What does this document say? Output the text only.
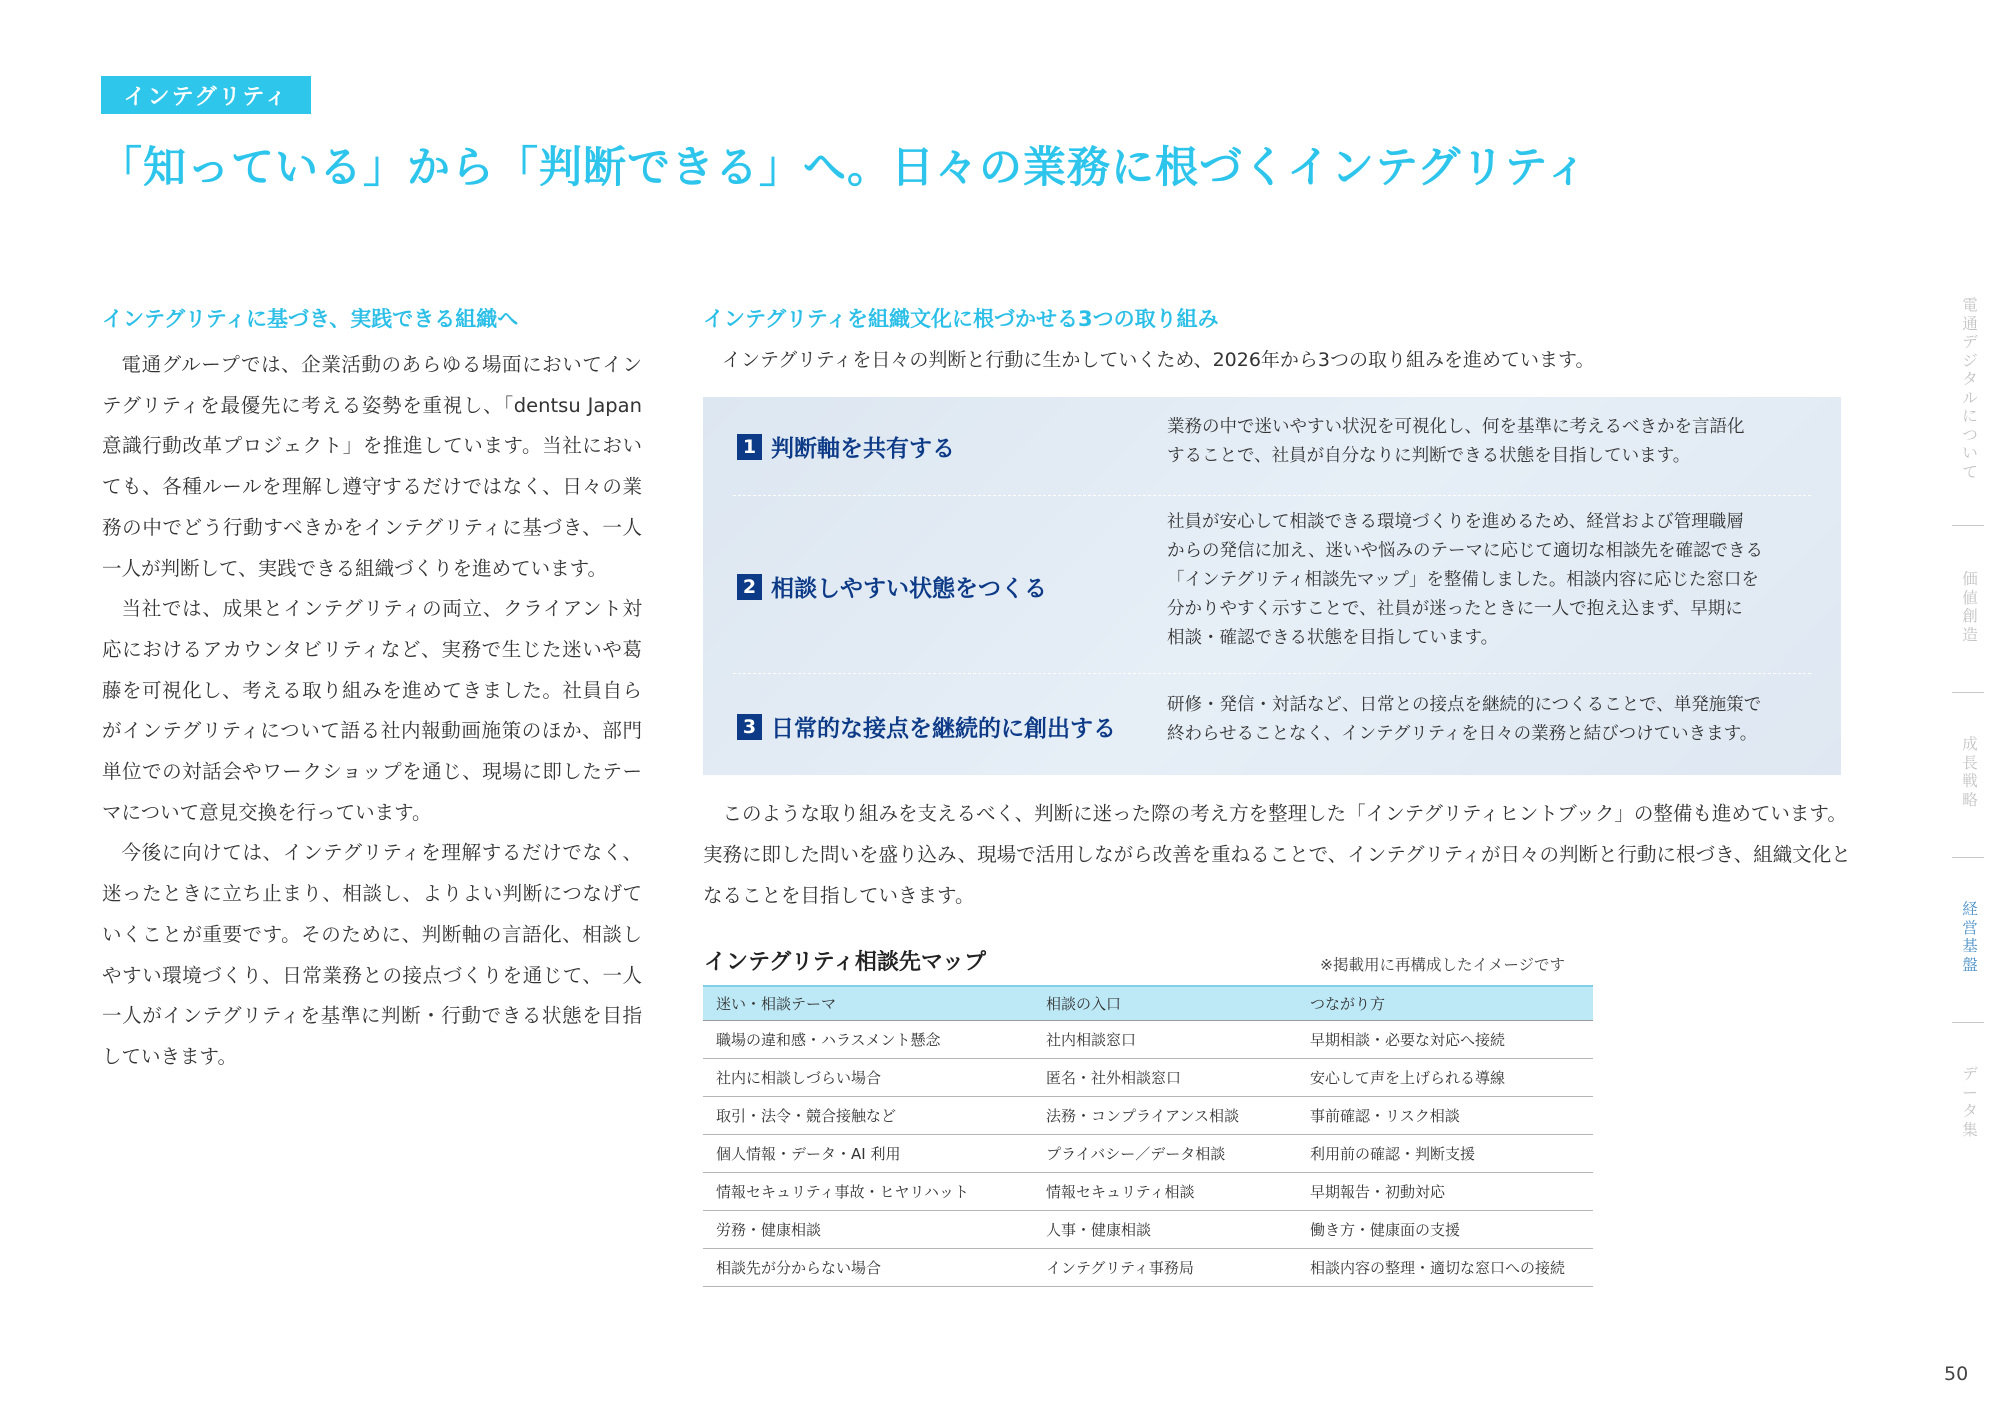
インテグリティ
「知っている」から「判断できる」へ。日々の業務に根づくインテグリティ
インテグリティに基づき、実践できる組織へ

電通グループでは、企業活動のあらゆる場面においてインテグリティを最優先に考える姿勢を重視し、「dentsu Japan意識行動改革プロジェクト」を推進しています。当社においても、各種ルールを理解し遵守するだけではなく、日々の業務の中でどう行動すべきかをインテグリティに基づき、一人一人が判断して、実践できる組織づくりを進めています。

当社では、成果とインテグリティの両立、クライアント対応におけるアカウンタビリティなど、実務で生じた迷いや葛藤を可視化し、考える取り組みを進めてきました。社員自らがインテグリティについて語る社内報動画施策のほか、部門単位での対話会やワークショップを通じ、現場に即したテーマについて意見交換を行っています。

今後に向けては、インテグリティを理解するだけでなく、迷ったときに立ち止まり、相談し、よりよい判断につなげていくことが重要です。そのために、判断軸の言語化、相談しやすい環境づくり、日常業務との接点づくりを通じて、一人一人がインテグリティを基準に判断・行動できる状態を目指していきます。

インテグリティを組織文化に根づかせる3つの取り組み

インテグリティを日々の判断と行動に生かしていくため、2026年から3つの取り組みを進めています。

1 判断軸を共有する
業務の中で迷いやすい状況を可視化し、何を基準に考えるべきかを言語化
することで、社員が自分なりに判断できる状態を目指しています。
2 相談しやすい状態をつくる
社員が安心して相談できる環境づくりを進めるため、経営および管理職層
からの発信に加え、迷いや悩みのテーマに応じて適切な相談先を確認できる
「インテグリティ相談先マップ」を整備しました。相談内容に応じた窓口を
分かりやすく示すことで、社員が迷ったときに一人で抱え込まず、早期に
相談・確認できる状態を目指しています。
3 日常的な接点を継続的に創出する
研修・発信・対話など、日常との接点を継続的につくることで、単発施策で
終わらせることなく、インテグリティを日々の業務と結びつけていきます。

このような取り組みを支えるべく、判断に迷った際の考え方を整理した「インテグリティヒントブック」の整備も進めています。実務に即した問いを盛り込み、現場で活用しながら改善を重ねることで、インテグリティが日々の判断と行動に根づき、組織文化となることを目指していきます。

インテグリティ相談先マップ	※掲載用に再構成したイメージです
迷い・相談テーマ	相談の入口	つながり方
職場の違和感・ハラスメント懸念	社内相談窓口	早期相談・必要な対応へ接続
社内に相談しづらい場合	匿名・社外相談窓口	安心して声を上げられる導線
取引・法令・競合接触など	法務・コンプライアンス相談	事前確認・リスク相談
個人情報・データ・AI 利用	プライバシー／データ相談	利用前の確認・判断支援
情報セキュリティ事故・ヒヤリハット	情報セキュリティ相談	早期報告・初動対応
労務・健康相談	人事・健康相談	働き方・健康面の支援
相談先が分からない場合	インテグリティ事務局	相談内容の整理・適切な窓口への接続
電
通
デ
ジ
タ
ル
に
つ
い
て
価
値
創
造
成
長
戦
略
経
営
基
盤
デ
ー
タ
集
50
